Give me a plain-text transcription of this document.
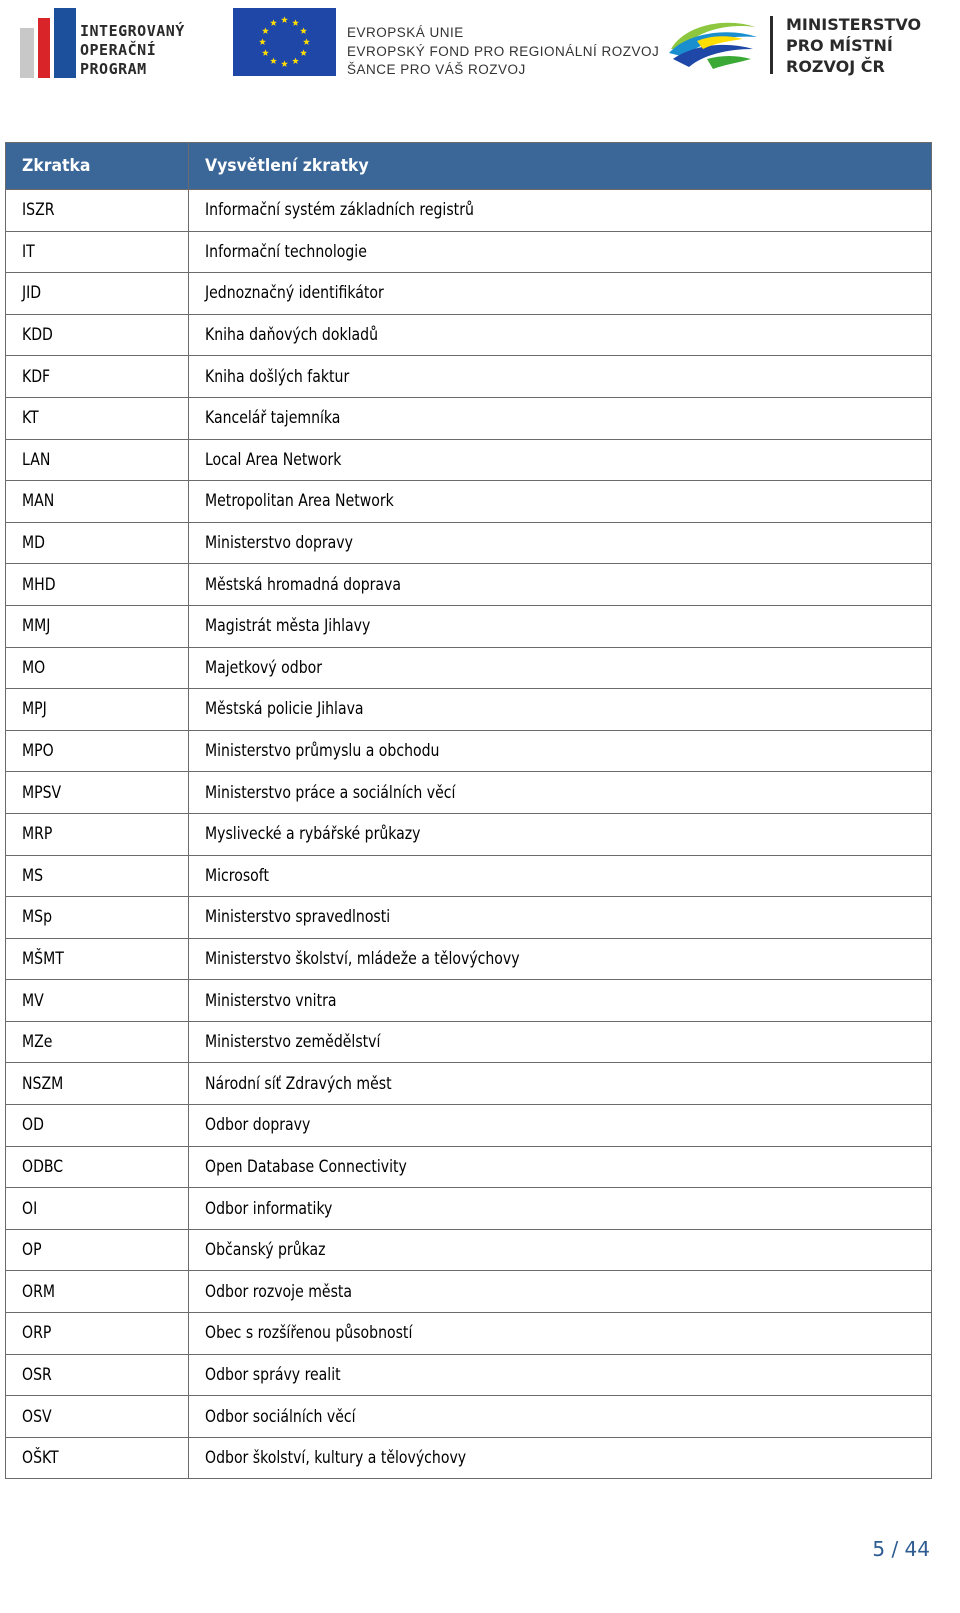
INTEGROVANÝ
OPERAČNÍ
PROGRAM
EVROPSKÁ UNIE
EVROPSKÝ FOND PRO REGIONÁLNÍ ROZVOJ
ŠANCE PRO VÁŠ ROZVOJ
MINISTERSTVO
PRO MÍSTNÍ
ROZVOJ ČR
Zkratka	Vysvětlení zkratky
ISZR	Informační systém základních registrů
IT	Informační technologie
JID	Jednoznačný identifikátor
KDD	Kniha daňových dokladů
KDF	Kniha došlých faktur
KT	Kancelář tajemníka
LAN	Local Area Network
MAN	Metropolitan Area Network
MD	Ministerstvo dopravy
MHD	Městská hromadná doprava
MMJ	Magistrát města Jihlavy
MO	Majetkový odbor
MPJ	Městská policie Jihlava
MPO	Ministerstvo průmyslu a obchodu
MPSV	Ministerstvo práce a sociálních věcí
MRP	Myslivecké a rybářské průkazy
MS	Microsoft
MSp	Ministerstvo spravedlnosti
MŠMT	Ministerstvo školství, mládeže a tělovýchovy
MV	Ministerstvo vnitra
MZe	Ministerstvo zemědělství
NSZM	Národní síť Zdravých měst
OD	Odbor dopravy
ODBC	Open Database Connectivity
OI	Odbor informatiky
OP	Občanský průkaz
ORM	Odbor rozvoje města
ORP	Obec s rozšířenou působností
OSR	Odbor správy realit
OSV	Odbor sociálních věcí
OŠKT	Odbor školství, kultury a tělovýchovy
5 / 44
